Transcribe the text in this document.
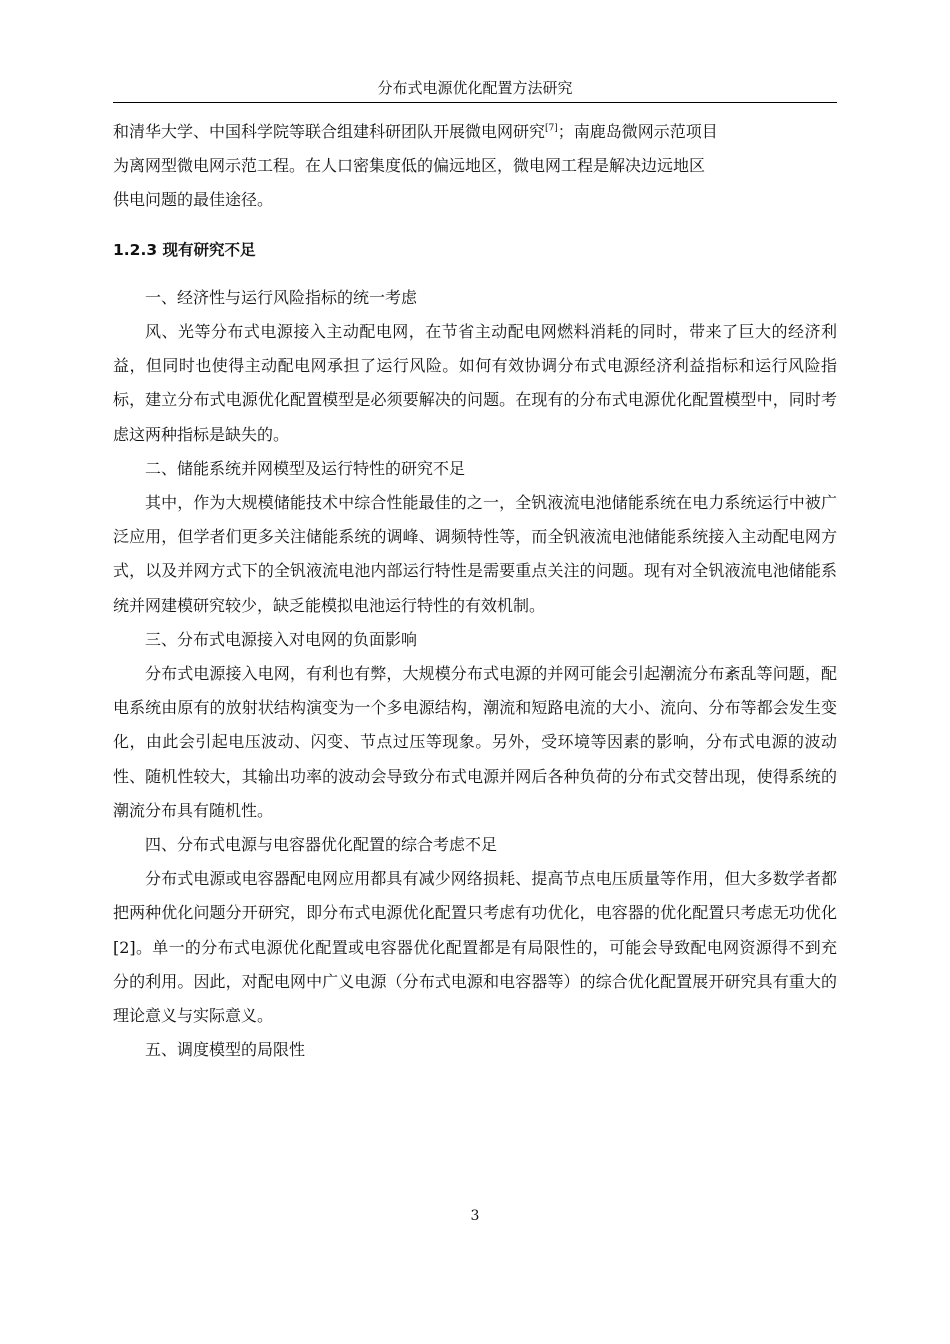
分布式电源优化配置方法研究

和清华大学、中国科学院等联合组建科研团队开展微电网研究[7]；南鹿岛微网示范项目

为离网型微电网示范工程。在人口密集度低的偏远地区，微电网工程是解决边远地区

供电问题的最佳途径。

1.2.3 现有研究不足

一、经济性与运行风险指标的统一考虑

风、光等分布式电源接入主动配电网，在节省主动配电网燃料消耗的同时，带来了巨大的经济利益，但同时也使得主动配电网承担了运行风险。如何有效协调分布式电源经济利益指标和运行风险指标，建立分布式电源优化配置模型是必须要解决的问题。在现有的分布式电源优化配置模型中，同时考虑这两种指标是缺失的。

二、储能系统并网模型及运行特性的研究不足

其中，作为大规模储能技术中综合性能最佳的之一，全钒液流电池储能系统在电力系统运行中被广泛应用，但学者们更多关注储能系统的调峰、调频特性等，而全钒液流电池储能系统接入主动配电网方式，以及并网方式下的全钒液流电池内部运行特性是需要重点关注的问题。现有对全钒液流电池储能系统并网建模研究较少，缺乏能模拟电池运行特性的有效机制。

三、分布式电源接入对电网的负面影响

分布式电源接入电网，有利也有弊，大规模分布式电源的并网可能会引起潮流分布紊乱等问题，配电系统由原有的放射状结构演变为一个多电源结构，潮流和短路电流的大小、流向、分布等都会发生变化，由此会引起电压波动、闪变、节点过压等现象。另外，受环境等因素的影响，分布式电源的波动性、随机性较大，其输出功率的波动会导致分布式电源并网后各种负荷的分布式交替出现，使得系统的潮流分布具有随机性。

四、分布式电源与电容器优化配置的综合考虑不足

分布式电源或电容器配电网应用都具有减少网络损耗、提高节点电压质量等作用，但大多数学者都把两种优化问题分开研究，即分布式电源优化配置只考虑有功优化，电容器的优化配置只考虑无功优化[2]。单一的分布式电源优化配置或电容器优化配置都是有局限性的，可能会导致配电网资源得不到充分的利用。因此，对配电网中广义电源（分布式电源和电容器等）的综合优化配置展开研究具有重大的理论意义与实际意义。

五、调度模型的局限性

3
